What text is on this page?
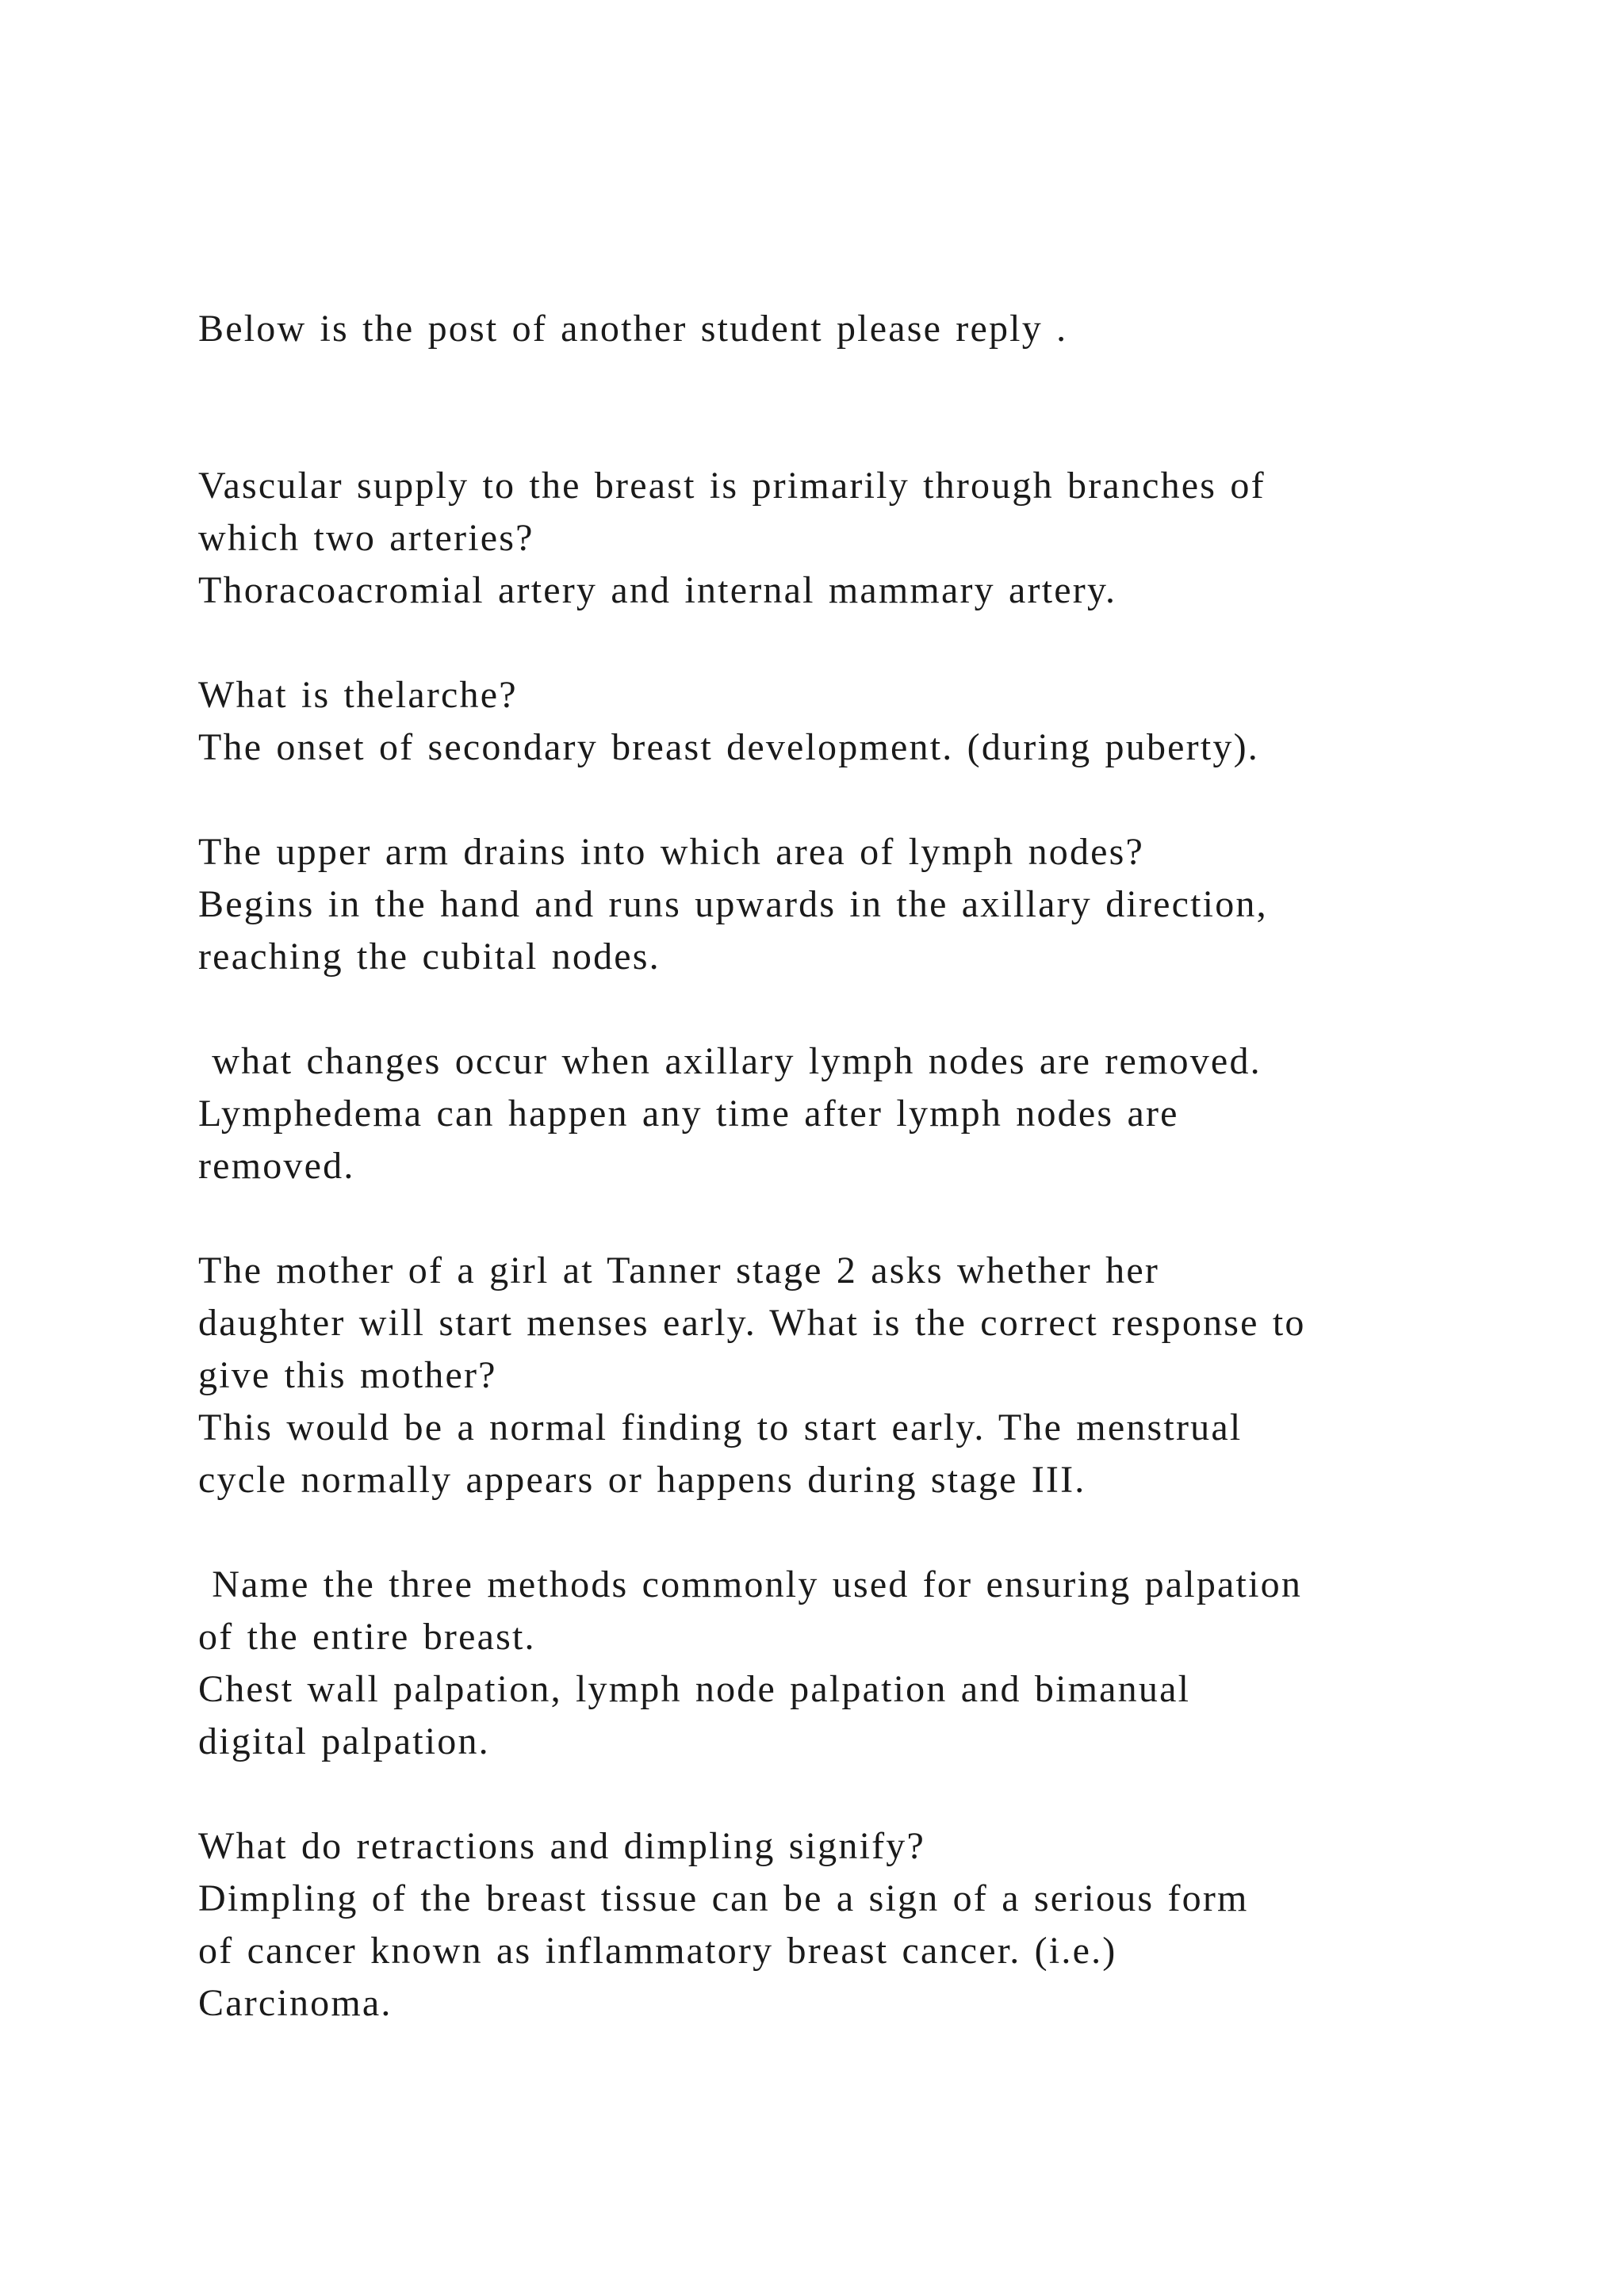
Below is the post of another student please reply .
Vascular supply to the breast is primarily through branches of
which two arteries?
Thoracoacromial artery and internal mammary artery.
What is thelarche?
The onset of secondary breast development. (during puberty).
The upper arm drains into which area of lymph nodes?
Begins in the hand and runs upwards in the axillary direction,
reaching the cubital nodes.
what changes occur when axillary lymph nodes are removed.
Lymphedema can happen any time after lymph nodes are
removed.
The mother of a girl at Tanner stage 2 asks whether her
daughter will start menses early. What is the correct response to
give this mother?
This would be a normal finding to start early. The menstrual
cycle normally appears or happens during stage III.
Name the three methods commonly used for ensuring palpation
of the entire breast.
Chest wall palpation, lymph node palpation and bimanual
digital palpation.
What do retractions and dimpling signify?
Dimpling of the breast tissue can be a sign of a serious form
of cancer known as inflammatory breast cancer. (i.e.)
Carcinoma.
